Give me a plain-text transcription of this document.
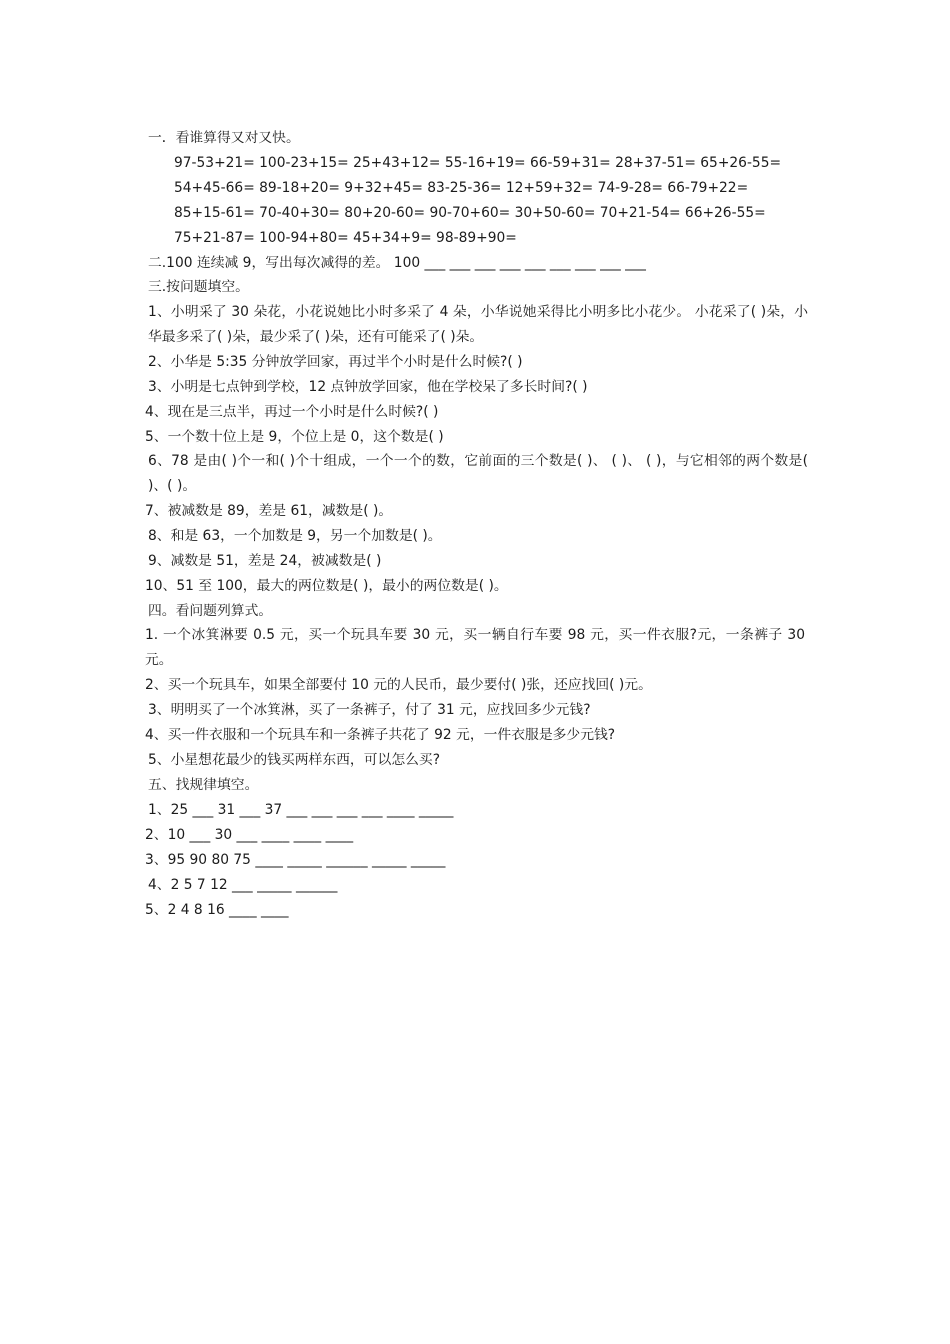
一．看谁算得又对又快。
97-53+21= 100-23+15= 25+43+12= 55-16+19= 66-59+31= 28+37-51= 65+26-55=
54+45-66= 89-18+20= 9+32+45= 83-25-36= 12+59+32= 74-9-28= 66-79+22=
85+15-61= 70-40+30= 80+20-60= 90-70+60= 30+50-60= 70+21-54= 66+26-55=
75+21-87= 100-94+80= 45+34+9= 98-89+90=
二.100 连续减 9，写出每次减得的差。 100 ___ ___ ___ ___ ___ ___ ___ ___ ___
三.按问题填空。
1、小明采了 30 朵花，小花说她比小时多采了 4 朵，小华说她采得比小明多比小花少。 小花采了( )朵，小华最多采了( )朵，最少采了( )朵，还有可能采了( )朵。
2、小华是 5:35 分钟放学回家，再过半个小时是什么时候?( )
3、小明是七点钟到学校，12 点钟放学回家，他在学校呆了多长时间?( )
4、现在是三点半，再过一个小时是什么时候?( )
5、一个数十位上是 9，个位上是 0，这个数是( )
6、78 是由( )个一和( )个十组成，一个一个的数，它前面的三个数是( )、 ( )、 ( )，与它相邻的两个数是( )、( )。
7、被减数是 89，差是 61，减数是( )。
8、和是 63，一个加数是 9，另一个加数是( )。
9、减数是 51，差是 24，被减数是( )
10、51 至 100，最大的两位数是( )，最小的两位数是( )。
四。看问题列算式。
1. 一个冰箕淋要 0.5 元，买一个玩具车要 30 元，买一辆自行车要 98 元，买一件衣服?元，一条裤子 30 元。
2、买一个玩具车，如果全部要付 10 元的人民币，最少要付( )张，还应找回( )元。
3、明明买了一个冰箕淋，买了一条裤子，付了 31 元，应找回多少元钱?
4、买一件衣服和一个玩具车和一条裤子共花了 92 元，一件衣服是多少元钱?
5、小星想花最少的钱买两样东西，可以怎么买?
五、找规律填空。
1、25 ___ 31 ___ 37 ___ ___ ___ ___ ____ _____
2、10 ___ 30 ___ ____ ____ ____
3、95 90 80 75 ____ _____ ______ _____ _____
4、2 5 7 12 ___ _____ ______
5、2 4 8 16 ____ ____
